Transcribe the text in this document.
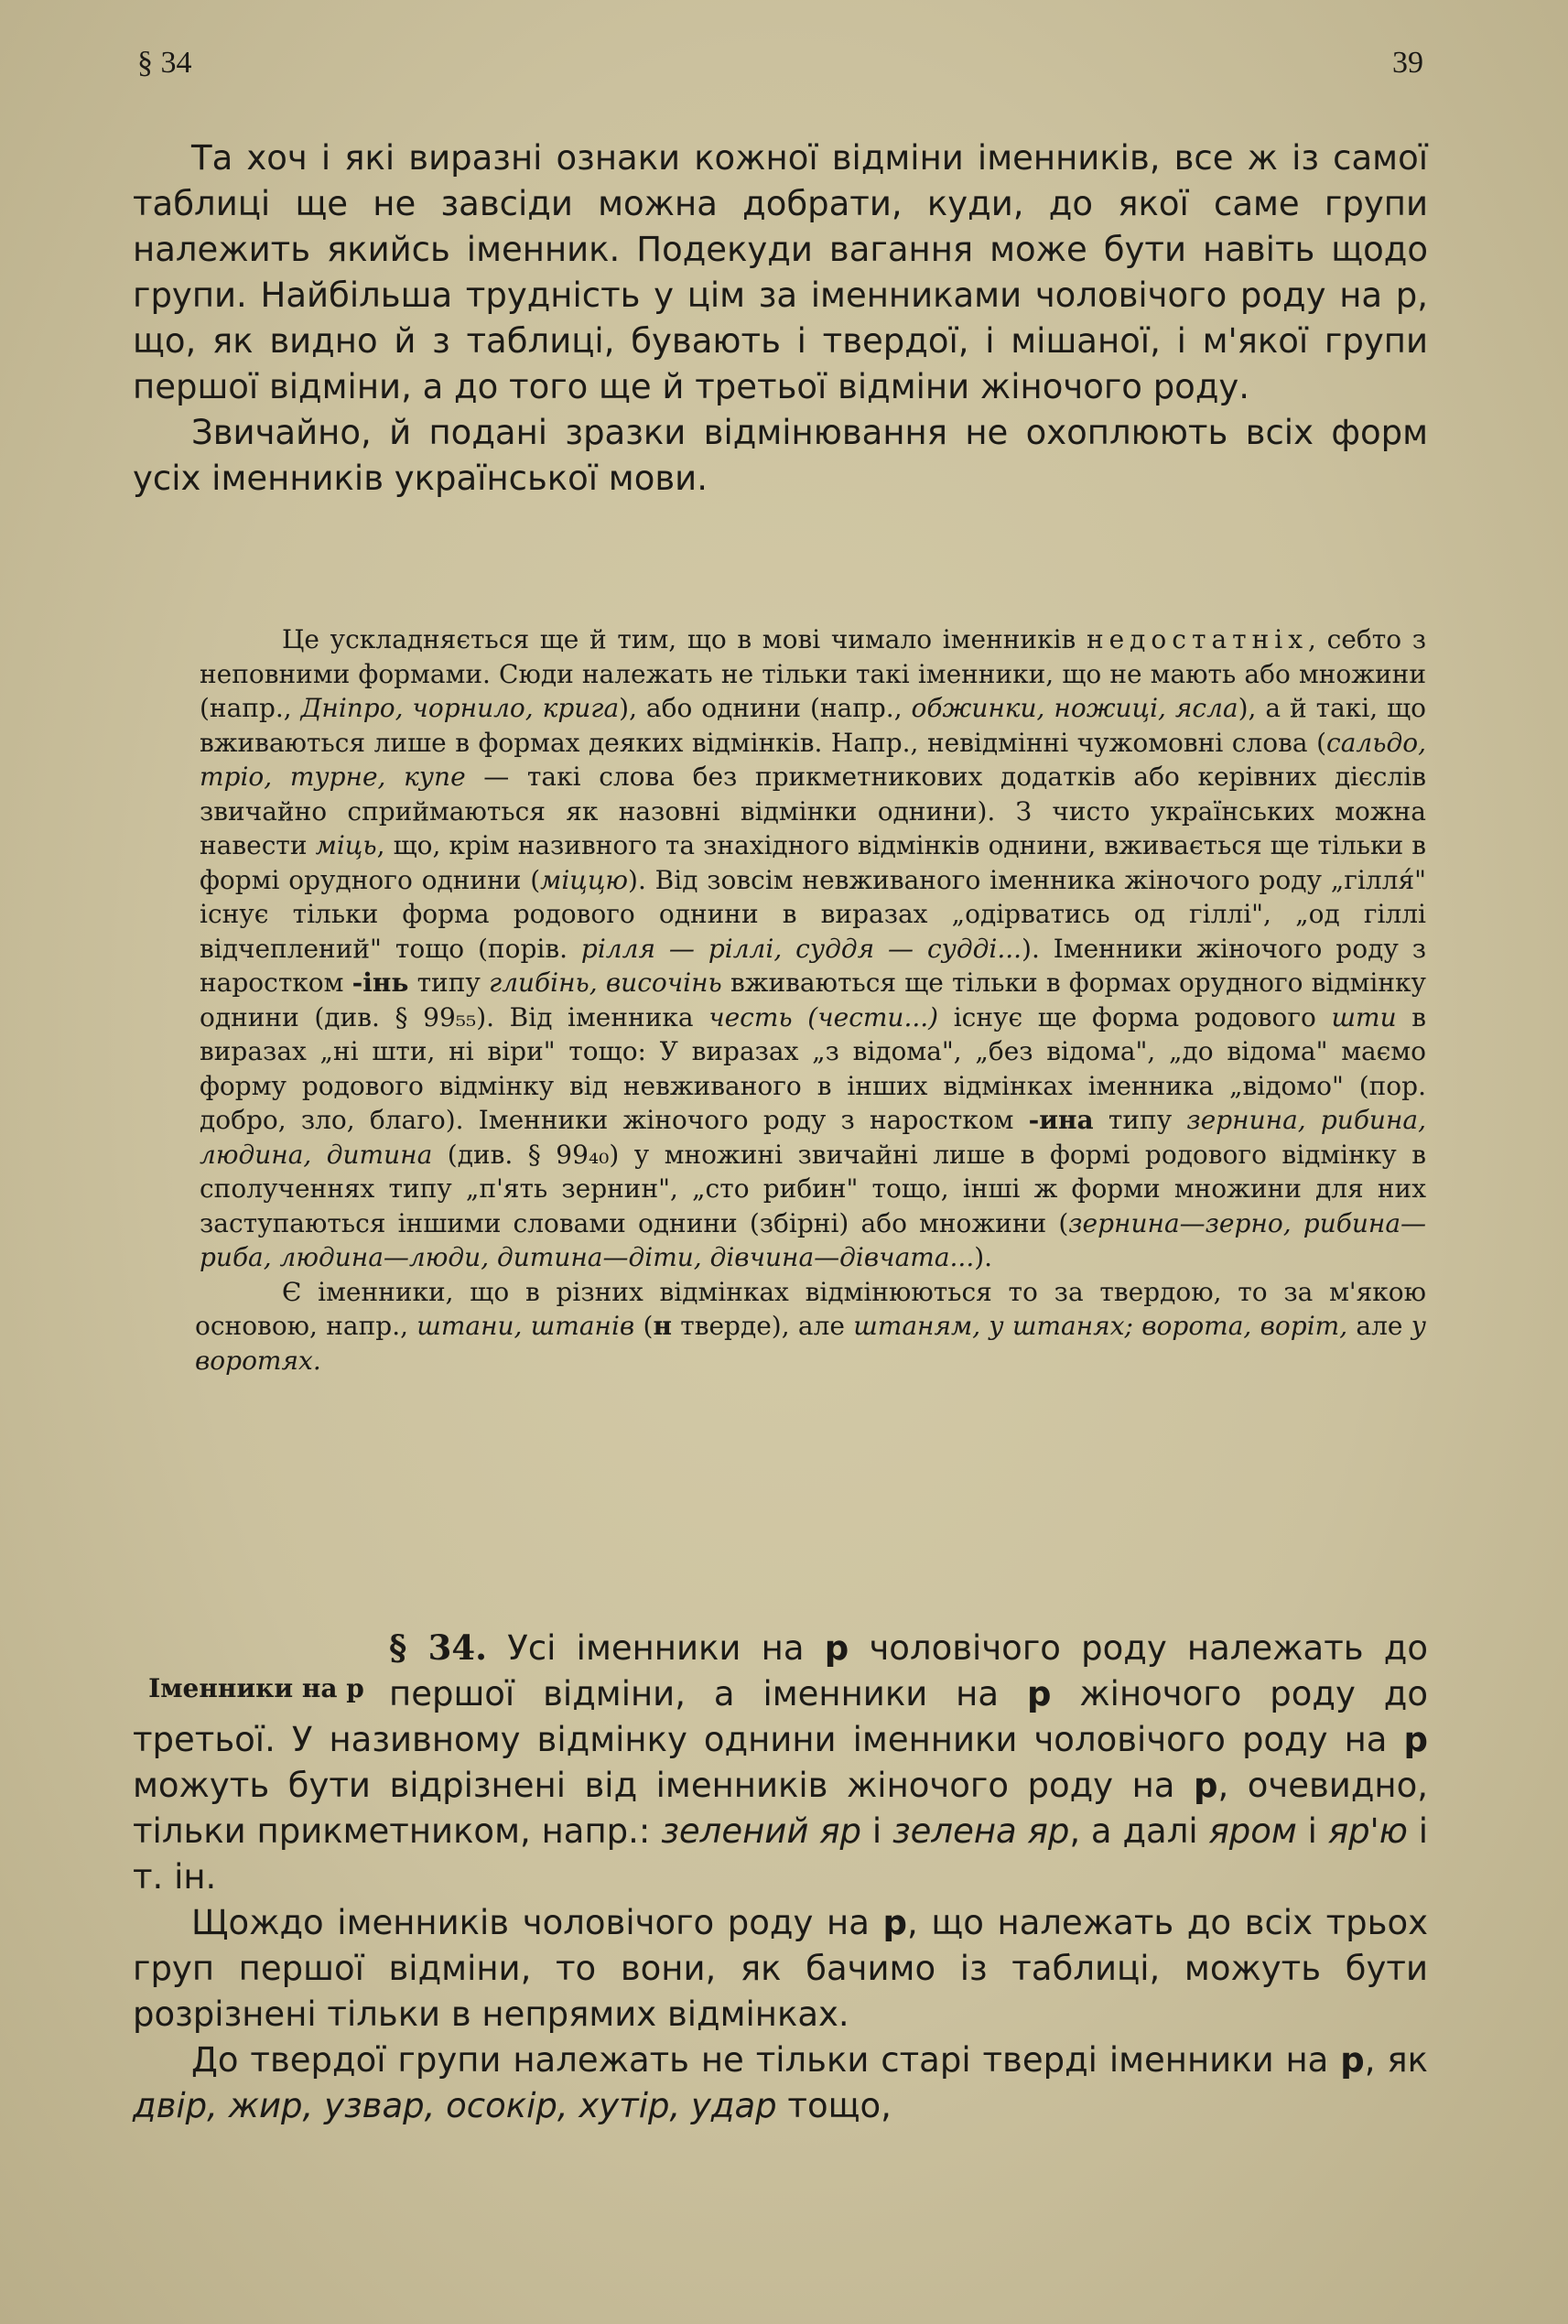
§ 34	39

Та хоч і які виразні ознаки кожної відміни іменників, все ж із самої таблиці ще не завсіди можна добрати, куди, до якої саме групи належить якийсь іменник. Подекуди вагання може бути навіть щодо групи. Найбільша трудність у цім за іменниками чоловічого роду на р, що, як видно й з таблиці, бувають і твердої, і мішаної, і м'якої групи першої відміни, а до того ще й третьої відміни жіночого роду.

Звичайно, й подані зразки відмінювання не охоплюють всіх форм усіх іменників української мови.

Це ускладняється ще й тим, що в мові чимало іменників недостатніх, себто з неповними формами. Сюди належать не тільки такі іменники, що не мають або множини (напр., Дніпро, чорнило, крига), або однини (напр., обжинки, ножиці, ясла), а й такі, що вживаються лише в формах деяких відмінків. Напр., невідмінні чужомовні слова (сальдо, тріо, турне, купе — такі слова без прикметникових додатків або керівних дієслів звичайно сприймаються як назовні відмінки однини). З чисто українських можна навести міць, що, крім називного та знахідного відмінків однини, вживається ще тільки в формі орудного однини (міццю). Від зовсім невживаного іменника жіночого роду „гілля́" існує тільки форма родового однини в виразах „одірватись од гіллі", „од гіллі відчеплений" тощо (порів. рілля — ріллі, суддя — судді...). Іменники жіночого роду з наростком -інь типу глибінь, височінь вживаються ще тільки в формах орудного відмінку однини (див. § 99₅₅). Від іменника честь (чести...) існує ще форма родового шти в виразах „ні шти, ні віри" тощо: У виразах „з відома", „без відома", „до відома" маємо форму родового відмінку від невживаного в інших відмінках іменника „відомо" (пор. добро, зло, благо). Іменники жіночого роду з наростком -ина типу зернина, рибина, людина, дитина (див. § 99₄₀) у множині звичайні лише в формі родового відмінку в сполученнях типу „п'ять зернин", „сто рибин" тощо, інші ж форми множини для них заступаються іншими словами однини (збірні) або множини (зернина—зерно, рибина—риба, людина—люди, дитина—діти, дівчина—дівчата...).

Є іменники, що в різних відмінках відмінюються то за твердою, то за м'якою основою, напр., штани, штанів (н тверде), але штаням, у штанях; ворота, воріт, але у воротях.

Іменники на р

§ 34. Усі іменники на р чоловічого роду належать до першої відміни, а іменники на р жіночого роду до третьої. У називному відмінку однини іменники чоловічого роду на р можуть бути відрізнені від іменників жіночого роду на р, очевидно, тільки прикметником, напр.: зелений яр і зелена яр, а далі яром і яр'ю і т. ін.

Щождо іменників чоловічого роду на р, що належать до всіх трьох груп першої відміни, то вони, як бачимо із таблиці, можуть бути розрізнені тільки в непрямих відмінках.

До твердої групи належать не тільки старі тверді іменники на р, як двір, жир, узвар, осокір, хутір, удар тощо,
